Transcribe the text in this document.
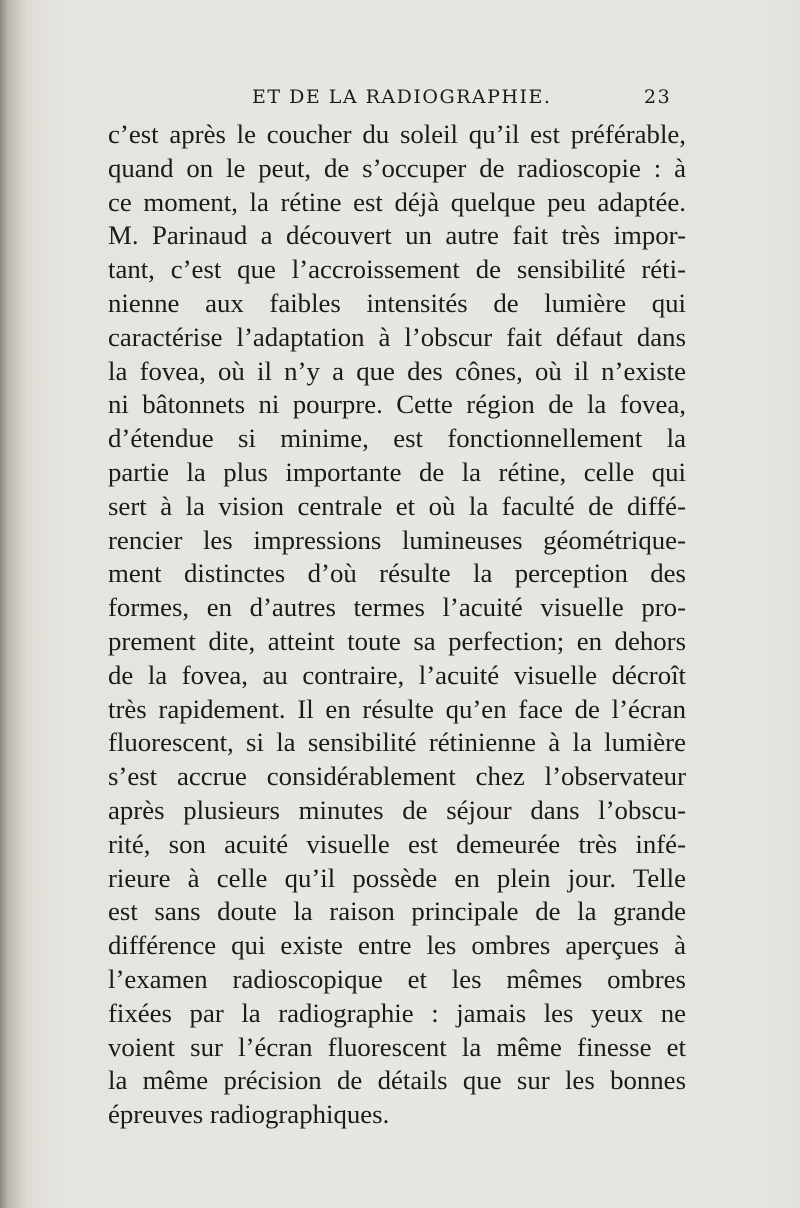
ET DE LA RADIOGRAPHIE.	23
c’est après le coucher du soleil qu’il est préférable,
quand on le peut, de s’occuper de radioscopie : à
ce moment, la rétine est déjà quelque peu adaptée.
M. Parinaud a découvert un autre fait très impor-
tant, c’est que l’accroissement de sensibilité réti-
nienne aux faibles intensités de lumière qui
caractérise l’adaptation à l’obscur fait défaut dans
la fovea, où il n’y a que des cônes, où il n’existe
ni bâtonnets ni pourpre. Cette région de la fovea,
d’étendue si minime, est fonctionnellement la
partie la plus importante de la rétine, celle qui
sert à la vision centrale et où la faculté de diffé-
rencier les impressions lumineuses géométrique-
ment distinctes d’où résulte la perception des
formes, en d’autres termes l’acuité visuelle pro-
prement dite, atteint toute sa perfection; en dehors
de la fovea, au contraire, l’acuité visuelle décroît
très rapidement. Il en résulte qu’en face de l’écran
fluorescent, si la sensibilité rétinienne à la lumière
s’est accrue considérablement chez l’observateur
après plusieurs minutes de séjour dans l’obscu-
rité, son acuité visuelle est demeurée très infé-
rieure à celle qu’il possède en plein jour. Telle
est sans doute la raison principale de la grande
différence qui existe entre les ombres aperçues à
l’examen radioscopique et les mêmes ombres
fixées par la radiographie : jamais les yeux ne
voient sur l’écran fluorescent la même finesse et
la même précision de détails que sur les bonnes
épreuves radiographiques.
